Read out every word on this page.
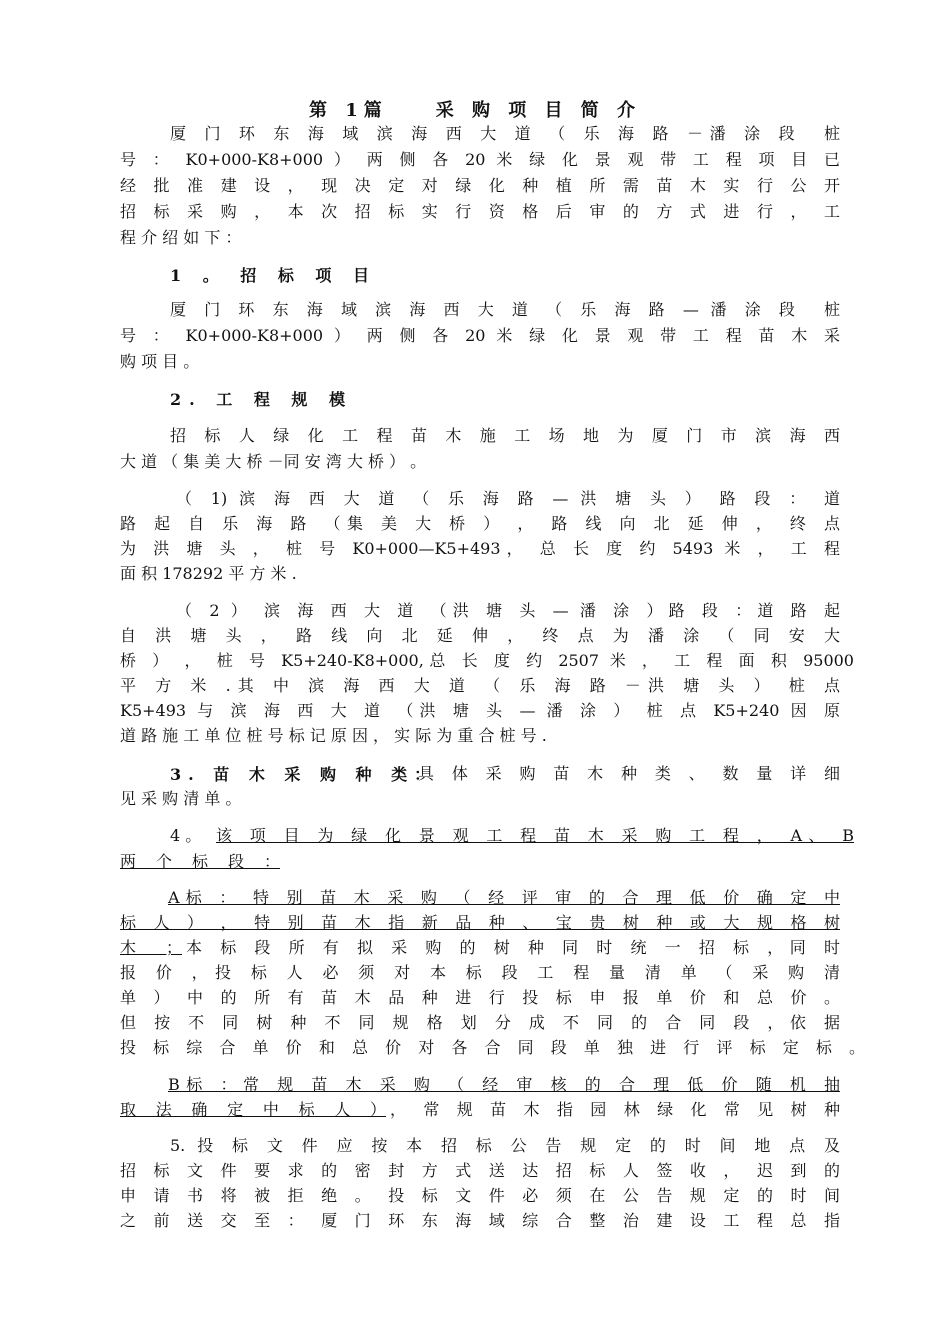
第 1篇　　采 购 项 目 简 介
厦 门 环 东 海 域 滨 海 西 大 道 （ 乐 海 路 －潘 涂 段　桩
号 ： K0+000-K8+000 ） 两 侧 各 20 米 绿 化 景 观 带 工 程 项 目 已
经 批 准 建 设 ， 现 决 定 对 绿 化 种 植 所 需 苗 木 实 行 公 开
招 标 采 购 ， 本 次 招 标 实 行 资 格 后 审 的 方 式 进 行 ， 工
程 介 绍 如 下 ：
1 。 招 标 项 目
厦 门 环 东 海 域 滨 海 西 大 道 （ 乐 海 路 — 潘 涂 段　桩
号 ： K0+000-K8+000 ） 两 侧 各 20 米 绿 化 景 观 带 工 程 苗 木 采
购 项 目 。
2. 工 程 规 模
招 标 人 绿 化 工 程 苗 木 施 工 场 地 为 厦 门 市 滨 海 西
大 道 （ 集 美 大 桥 －同 安 湾 大 桥 ） 。
（ 1) 滨 海 西 大 道 （ 乐 海 路 — 洪 塘 头 ） 路 段 ： 道
路 起 自 乐 海 路 （集 美 大 桥 ） ， 路 线 向 北 延 伸 ， 终 点
为 洪 塘 头 ， 桩 号 K0+000—K5+493， 总 长 度 约 5493 米 ， 工 程
面 积 178292 平 方 米 .
（ 2 ） 滨 海 西 大 道 （洪 塘 头 — 潘 涂 ）路 段 ：道 路 起
自 洪 塘 头 ， 路 线 向 北 延 伸 ， 终 点 为 潘 涂 （ 同 安 大
桥 ） ， 桩 号 K5+240-K8+000,总 长 度 约 2507 米 ， 工 程 面 积 95000
平 方 米 .其 中 滨 海 西 大 道 （ 乐 海 路 －洪 塘 头 ） 桩 点
K5+493 与 滨 海 西 大 道 （洪 塘 头 — 潘 涂 ） 桩 点 K5+240 因 原
道 路 施 工 单 位 桩 号 标 记 原 因 ， 实 际 为 重 合 桩 号 .
3. 苗 木 采 购 种 类：
具 体 采 购 苗 木 种 类 、 数 量 详 细
见 采 购 清 单 。
4 。 该 项 目 为 绿 化 景 观 工 程 苗 木 采 购 工 程 ， A、 B
两 个 标 段 ：
A标 ： 特 别 苗 木 采 购 （ 经 评 审 的 合 理 低 价 确 定 中
标 人 ） ， 特 别 苗 木 指 新 品 种 、 宝 贵 树 种 或 大 规 格 树
木 ； 本 标 段 所 有 拟 采 购 的 树 种 同 时 统 一 招 标 ，同 时
报 价 ，投 标 人 必 须 对 本 标 段 工 程 量 清 单 （ 采 购 清
单 ） 中 的 所 有 苗 木 品 种 进 行 投 标 申 报 单 价 和 总 价 。
但 按 不 同 树 种 不 同 规 格 划 分 成 不 同 的 合 同 段 ，依 据
投 标 综 合 单 价 和 总 价 对 各 合 同 段 单 独 进 行 评 标 定 标 。
B标 ：常 规 苗 木 采 购 （ 经 审 核 的 合 理 低 价 随 机 抽
取 法 确 定 中 标 人 ） ， 常 规 苗 木 指 园 林 绿 化 常 见 树 种
5. 投 标 文 件 应 按 本 招 标 公 告 规 定 的 时 间 地 点 及
招 标 文 件 要 求 的 密 封 方 式 送 达 招 标 人 签 收 ， 迟 到 的
申 请 书 将 被 拒 绝 。 投 标 文 件 必 须 在 公 告 规 定 的 时 间
之 前 送 交 至 ： 厦 门 环 东 海 域 综 合 整 治 建 设 工 程 总 指
